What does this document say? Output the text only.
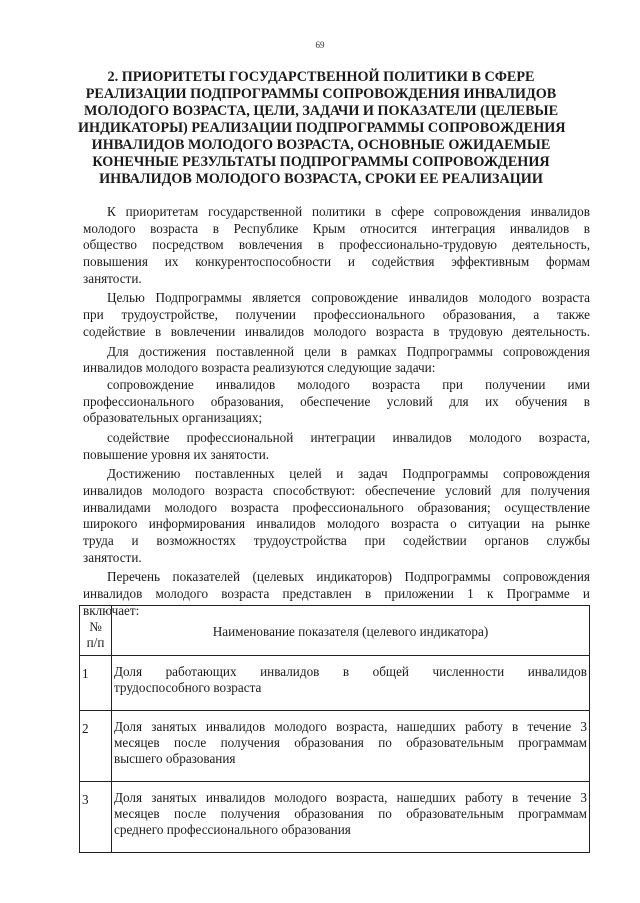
69
2. ПРИОРИТЕТЫ ГОСУДАРСТВЕННОЙ ПОЛИТИКИ В СФЕРЕ
РЕАЛИЗАЦИИ ПОДПРОГРАММЫ СОПРОВОЖДЕНИЯ ИНВАЛИДОВ
МОЛОДОГО ВОЗРАСТА, ЦЕЛИ, ЗАДАЧИ И ПОКАЗАТЕЛИ (ЦЕЛЕВЫЕ
ИНДИКАТОРЫ) РЕАЛИЗАЦИИ ПОДПРОГРАММЫ СОПРОВОЖДЕНИЯ
ИНВАЛИДОВ МОЛОДОГО ВОЗРАСТА, ОСНОВНЫЕ ОЖИДАЕМЫЕ
КОНЕЧНЫЕ РЕЗУЛЬТАТЫ ПОДПРОГРАММЫ СОПРОВОЖДЕНИЯ
ИНВАЛИДОВ МОЛОДОГО ВОЗРАСТА, СРОКИ ЕЕ РЕАЛИЗАЦИИ
К приоритетам государственной политики в сфере сопровождения инвалидов
молодого возраста в Республике Крым относится интеграция инвалидов в
общество посредством вовлечения в профессионально-трудовую деятельность,
повышения их конкурентоспособности и содействия эффективным формам
занятости.
Целью Подпрограммы является сопровождение инвалидов молодого возраста
при трудоустройстве, получении профессионального образования, а также
содействие в вовлечении инвалидов молодого возраста в трудовую деятельность.
Для достижения поставленной цели в рамках Подпрограммы сопровождения
инвалидов молодого возраста реализуются следующие задачи:
сопровождение инвалидов молодого возраста при получении ими
профессионального образования, обеспечение условий для их обучения в
образовательных организациях;
содействие профессиональной интеграции инвалидов молодого возраста,
повышение уровня их занятости.
Достижению поставленных целей и задач Подпрограммы сопровождения
инвалидов молодого возраста способствуют: обеспечение условий для получения
инвалидами молодого возраста профессионального образования; осуществление
широкого информирования инвалидов молодого возраста о ситуации на рынке
труда и возможностях трудоустройства при содействии органов службы
занятости.
Перечень показателей (целевых индикаторов) Подпрограммы сопровождения
инвалидов молодого возраста представлен в приложении 1 к Программе и
включает:
№
п/п	Наименование показателя (целевого индикатора)
1	Доля работающих инвалидов в общей численности инвалидов
трудоспособного возраста

2	Доля занятых инвалидов молодого возраста, нашедших работу в течение 3
месяцев после получения образования по образовательным программам
высшего образования

3	Доля занятых инвалидов молодого возраста, нашедших работу в течение 3
месяцев после получения образования по образовательным программам
среднего профессионального образования
